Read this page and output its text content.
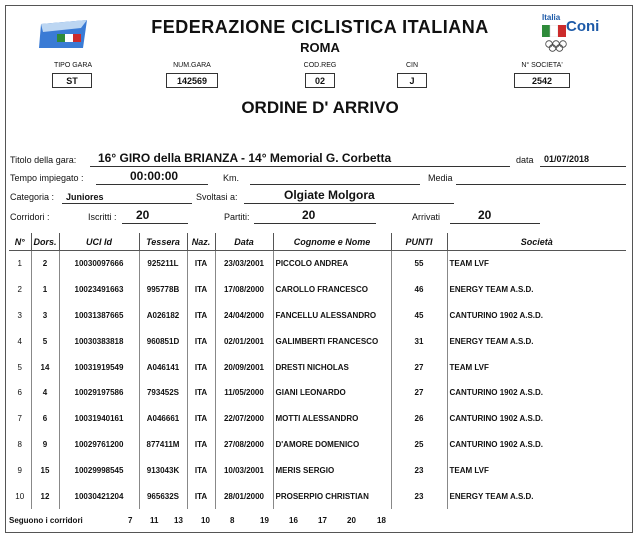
Italia
Coni
FEDERAZIONE CICLISTICA ITALIANA
ROMA
TIPO GARA
ST
NUM.GARA
142569
COD.REG
02
CIN
J
N° SOCIETA'
2542
ORDINE D' ARRIVO
Titolo della gara: 16° GIRO della BRIANZA - 14° Memorial G. Corbetta	data 01/07/2018
Tempo impiegato :	00:00:00	Km.	Media
Categoria : Juniores	Svoltasi a:	Olgiate Molgora
Corridori :	Iscritti : 20	Partiti:	20	Arrivati	20
N°	Dors.	UCI Id	Tessera	Naz.	Data	Cognome e Nome	PUNTI	Società
1	2	10030097666	925211L	ITA	23/03/2001	PICCOLO ANDREA	55	TEAM LVF
2	1	10023491663	995778B	ITA	17/08/2000	CAROLLO FRANCESCO	46	ENERGY TEAM A.S.D.
3	3	10031387665	A026182	ITA	24/04/2000	FANCELLU ALESSANDRO	45	CANTURINO 1902 A.S.D.
4	5	10030383818	960851D	ITA	02/01/2001	GALIMBERTI FRANCESCO	31	ENERGY TEAM A.S.D.
5	14	10031919549	A046141	ITA	20/09/2001	DRESTI NICHOLAS	27	TEAM LVF
6	4	10029197586	793452S	ITA	11/05/2000	GIANI LEONARDO	27	CANTURINO 1902 A.S.D.
7	6	10031940161	A046661	ITA	22/07/2000	MOTTI ALESSANDRO	26	CANTURINO 1902 A.S.D.
8	9	10029761200	877411M	ITA	27/08/2000	D'AMORE DOMENICO	25	CANTURINO 1902 A.S.D.
9	15	10029998545	913043K	ITA	10/03/2001	MERIS SERGIO	23	TEAM LVF
10	12	10030421204	965632S	ITA	28/01/2000	PROSERPIO CHRISTIAN	23	ENERGY TEAM A.S.D.
Seguono i corridori	7 11 13 10	8	19	16	17	20	18
